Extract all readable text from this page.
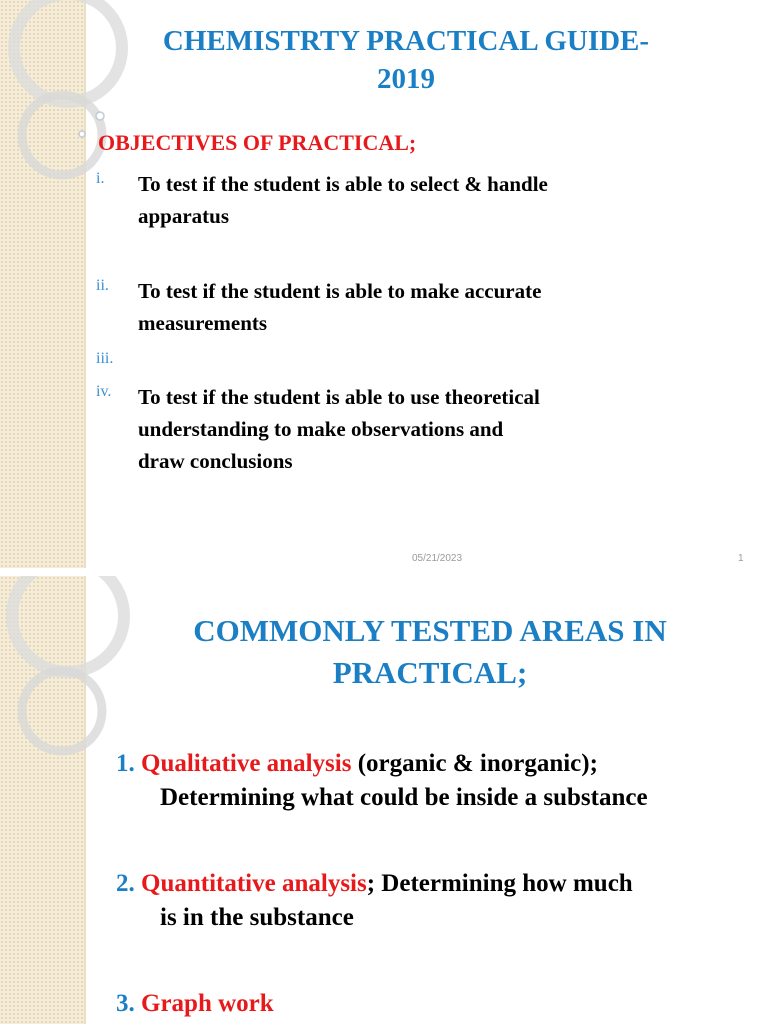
CHEMISTRTY PRACTICAL GUIDE-
2019
OBJECTIVES OF PRACTICAL;
i. To test if the student is able to select & handle
apparatus
ii. To test if the student is able to make accurate
measurements
iii.
iv. To test if the student is able to use theoretical
understanding to make observations and
draw conclusions
05/21/2023	1
COMMONLY TESTED AREAS IN
PRACTICAL;
1. Qualitative analysis (organic & inorganic);
Determining what could be inside a substance
2. Quantitative analysis; Determining how much
is in the substance
3. Graph work
